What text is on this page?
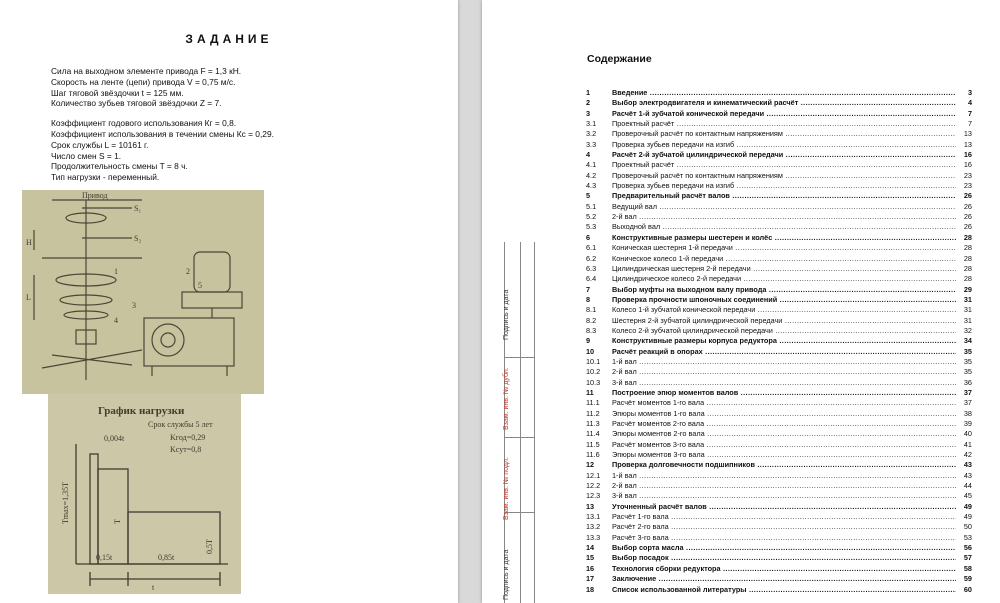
ЗАДАНИЕ
Сила на выходном элементе привода F = 1,3 кН.
Скорость на ленте (цепи) привода V = 0,75 м/с.
Шаг тяговой звёздочки t = 125 мм.
Количество зубьев тяговой звёздочки Z = 7.
Коэффициент годового использования Кг = 0,8.
Коэффициент использования в течении смены Кс = 0,29.
Срок службы L = 10161 г.
Число смен S = 1.
Продолжительность смены T = 8 ч.
Тип нагрузки - переменный.
Привод
S₁
S₂
H
L
1	2
3
4
5
График нагрузки
Срок службы 5 лет
Kгод=0,29
Kсут=0,8
0,004t
Tmax=1,35T	T
0,5T
0,15t	0,85t
t
Содержание
1	Введение .....	3
2	Выбор электродвигателя и кинематический расчёт .....	4
3	Расчёт 1-й зубчатой конической передачи .....	7
3.1	Проектный расчёт .....	7
3.2	Проверочный расчёт по контактным напряжениям .....	13
3.3	Проверка зубьев передачи на изгиб .....	13
4	Расчёт 2-й зубчатой цилиндрической передачи .....	16
4.1	Проектный расчёт .....	16
4.2	Проверочный расчёт по контактным напряжениям .....	23
4.3	Проверка зубьев передачи на изгиб .....	23
5	Предварительный расчёт валов .....	26
5.1	Ведущий вал .....	26
5.2	2-й вал .....	26
5.3	Выходной вал .....	26
6	Конструктивные размеры шестерен и колёс .....	28
6.1	Коническая шестерня 1-й передачи .....	28
6.2	Коническое колесо 1-й передачи .....	28
6.3	Цилиндрическая шестерня 2-й передачи .....	28
6.4	Цилиндрическое колесо 2-й передачи .....	28
7	Выбор муфты на выходном валу привода .....	29
8	Проверка прочности шпоночных соединений .....	31
8.1	Колесо 1-й зубчатой конической передачи .....	31
8.2	Шестерня 2-й зубчатой цилиндрической передачи .....	31
8.3	Колесо 2-й зубчатой цилиндрической передачи .....	32
9	Конструктивные размеры корпуса редуктора .....	34
10	Расчёт реакций в опорах .....	35
10.1	1-й вал .....	35
10.2	2-й вал .....	35
10.3	3-й вал .....	36
11	Построение эпюр моментов валов .....	37
11.1	Расчёт моментов 1-го вала .....	37
11.2	Эпюры моментов 1-го вала .....	38
11.3	Расчёт моментов 2-го вала .....	39
11.4	Эпюры моментов 2-го вала .....	40
11.5	Расчёт моментов 3-го вала .....	41
11.6	Эпюры моментов 3-го вала .....	42
12	Проверка долговечности подшипников .....	43
12.1	1-й вал .....	43
12.2	2-й вал .....	44
12.3	3-й вал .....	45
13	Уточненный расчёт валов .....	49
13.1	Расчёт 1-го вала .....	49
13.2	Расчёт 2-го вала .....	50
13.3	Расчёт 3-го вала .....	53
14	Выбор сорта масла .....	56
15	Выбор посадок .....	57
16	Технология сборки редуктора .....	58
17	Заключение .....	59
18	Список использованной литературы .....	60
Подпись и дата
Взам. инв. № дубл.
Взам. инв. № подл.
Подпись и дата
